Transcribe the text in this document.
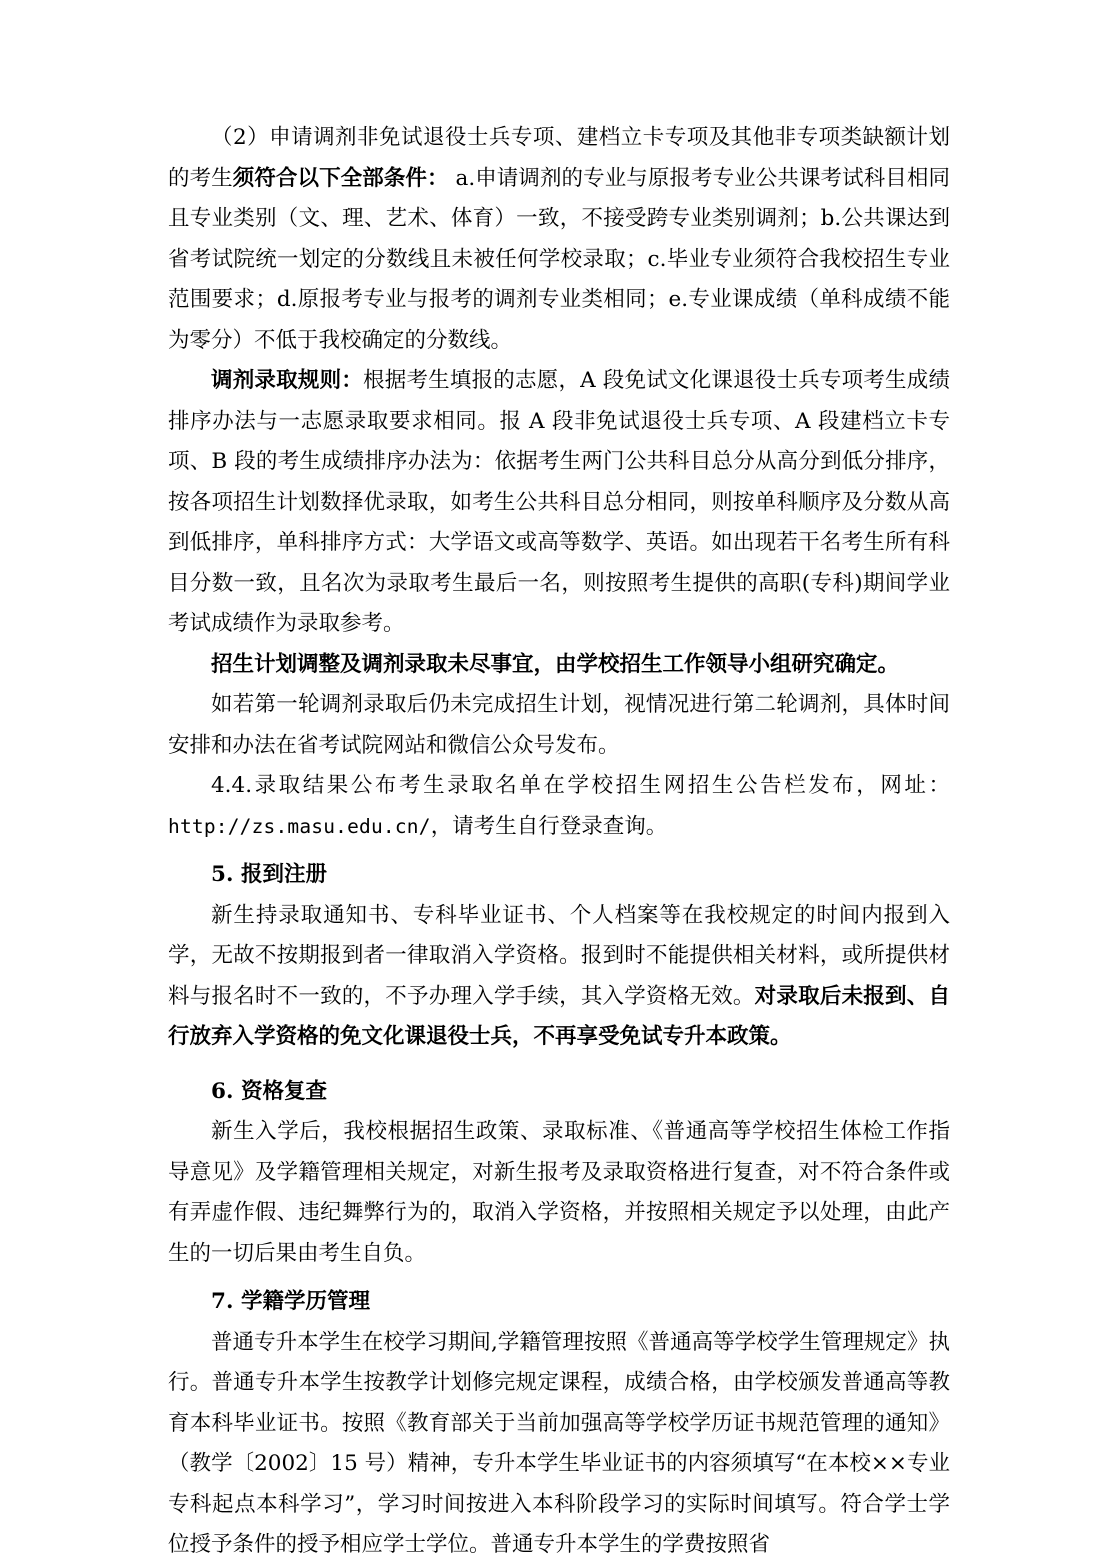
（2）申请调剂非免试退役士兵专项、建档立卡专项及其他非专项类缺额计划的考生须符合以下全部条件： a.申请调剂的专业与原报考专业公共课考试科目相同且专业类别（文、理、艺术、体育）一致，不接受跨专业类别调剂；b.公共课达到省考试院统一划定的分数线且未被任何学校录取；c.毕业专业须符合我校招生专业范围要求；d.原报考专业与报考的调剂专业类相同；e.专业课成绩（单科成绩不能为零分）不低于我校确定的分数线。

调剂录取规则：根据考生填报的志愿，A 段免试文化课退役士兵专项考生成绩排序办法与一志愿录取要求相同。报 A 段非免试退役士兵专项、A 段建档立卡专项、B 段的考生成绩排序办法为：依据考生两门公共科目总分从高分到低分排序，按各项招生计划数择优录取，如考生公共科目总分相同，则按单科顺序及分数从高到低排序，单科排序方式：大学语文或高等数学、英语。如出现若干名考生所有科目分数一致，且名次为录取考生最后一名，则按照考生提供的高职(专科)期间学业考试成绩作为录取参考。

招生计划调整及调剂录取未尽事宜，由学校招生工作领导小组研究确定。

如若第一轮调剂录取后仍未完成招生计划，视情况进行第二轮调剂，具体时间安排和办法在省考试院网站和微信公众号发布。

4.4.录取结果公布考生录取名单在学校招生网招生公告栏发布，网址：http://zs.masu.edu.cn/，请考生自行登录查询。

5. 报到注册

新生持录取通知书、专科毕业证书、个人档案等在我校规定的时间内报到入学，无故不按期报到者一律取消入学资格。报到时不能提供相关材料，或所提供材料与报名时不一致的，不予办理入学手续，其入学资格无效。对录取后未报到、自行放弃入学资格的免文化课退役士兵，不再享受免试专升本政策。

6. 资格复查

新生入学后，我校根据招生政策、录取标准、《普通高等学校招生体检工作指导意见》及学籍管理相关规定，对新生报考及录取资格进行复查，对不符合条件或有弄虚作假、违纪舞弊行为的，取消入学资格，并按照相关规定予以处理，由此产生的一切后果由考生自负。

7. 学籍学历管理

普通专升本学生在校学习期间,学籍管理按照《普通高等学校学生管理规定》执行。普通专升本学生按教学计划修完规定课程，成绩合格，由学校颁发普通高等教育本科毕业证书。按照《教育部关于当前加强高等学校学历证书规范管理的通知》（教学〔2002〕15 号）精神，专升本学生毕业证书的内容须填写“在本校××专业专科起点本科学习”，学习时间按进入本科阶段学习的实际时间填写。符合学士学位授予条件的授予相应学士学位。普通专升本学生的学费按照省
